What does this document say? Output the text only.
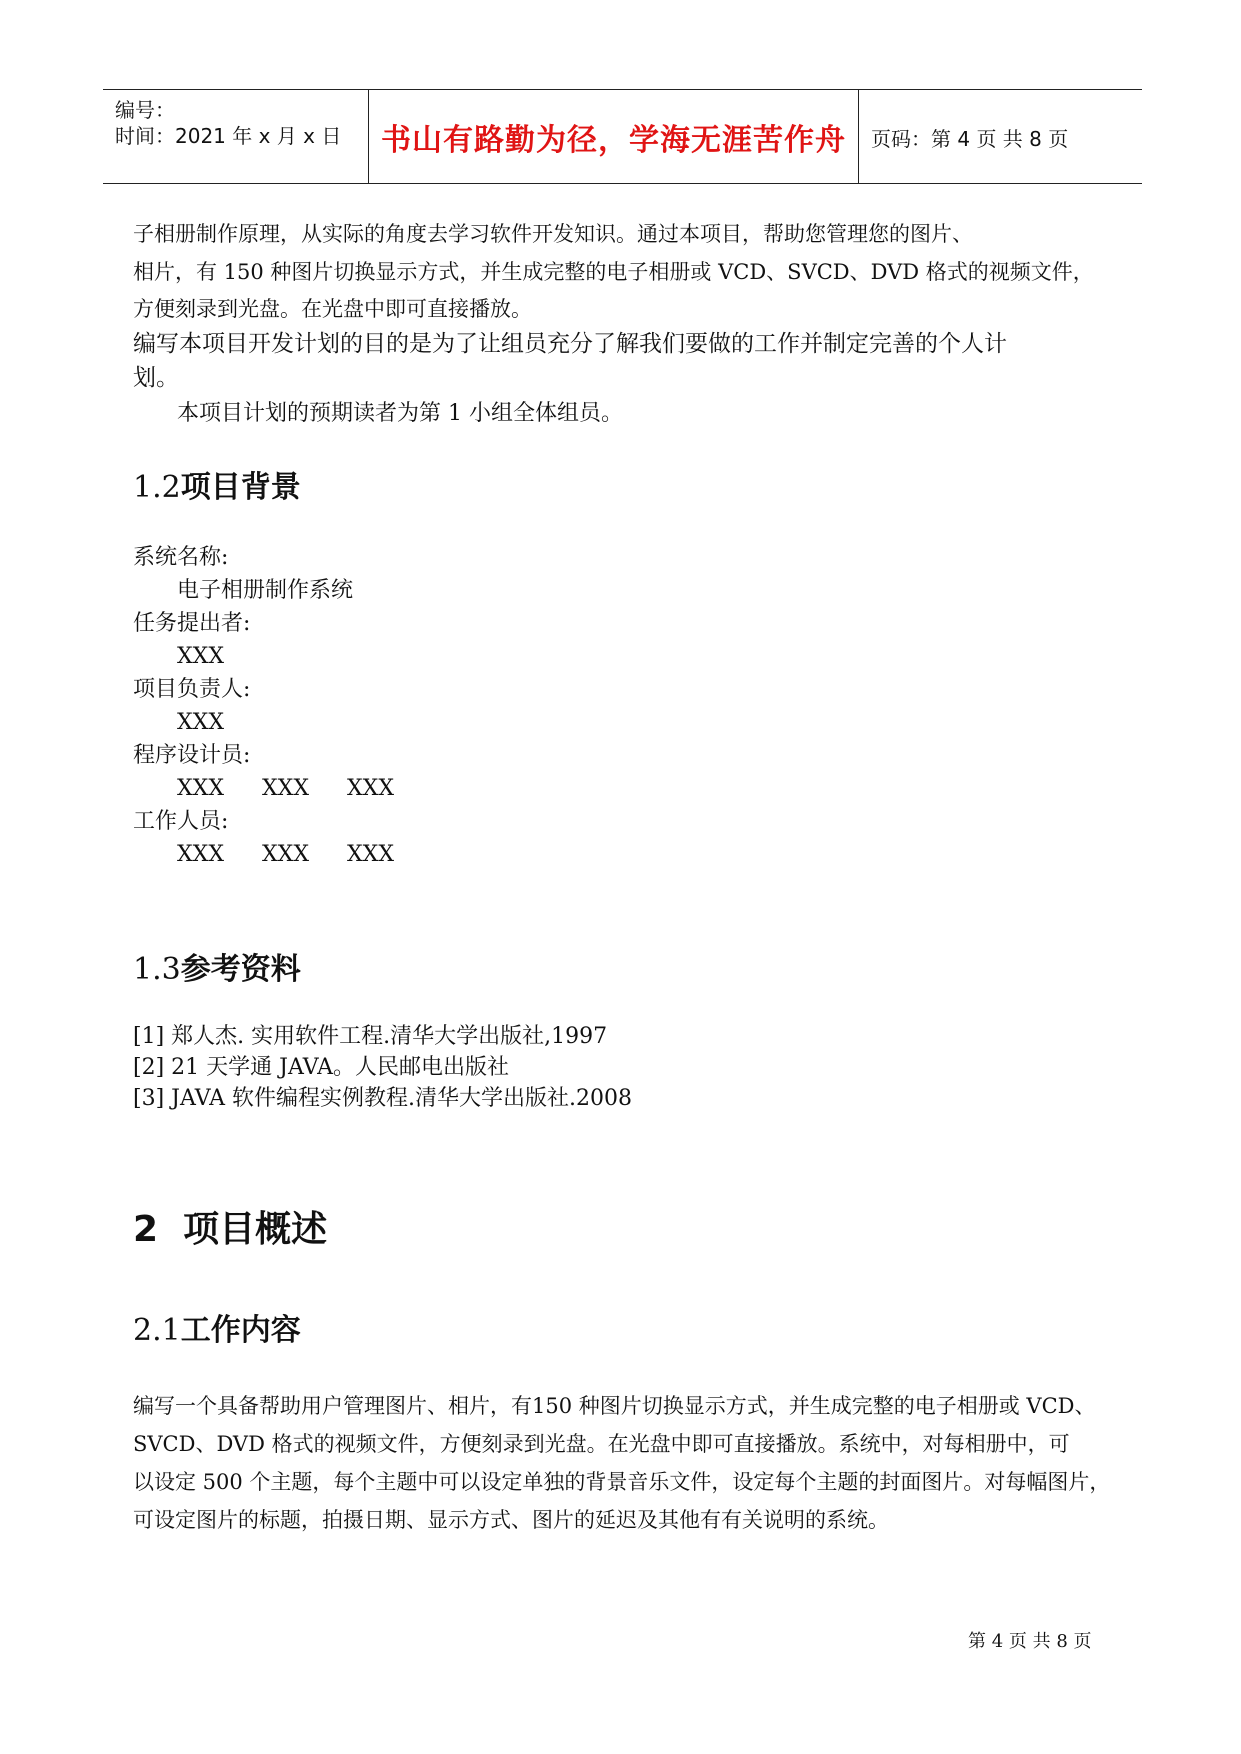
编号：
时间：2021 年 x 月 x 日	书山有路勤为径，学海无涯苦作舟	页码：第 4 页 共 8 页

子相册制作原理，从实际的角度去学习软件开发知识。通过本项目，帮助您管理您的图片、

相片，有 150 种图片切换显示方式，并生成完整的电子相册或 VCD、SVCD、DVD 格式的视频文件，

方便刻录到光盘。在光盘中即可直接播放。

编写本项目开发计划的目的是为了让组员充分了解我们要做的工作并制定完善的个人计

划。

本项目计划的预期读者为第 1 小组全体组员。

1.2项目背景

系统名称:

电子相册制作系统

任务提出者:

XXX

项目负责人:

XXX

程序设计员:

XXX XXX XXX

工作人员:

XXX XXX XXX
1.3参考资料

[1] 郑人杰. 实用软件工程.清华大学出版社,1997

[2] 21 天学通 JAVA。人民邮电出版社

[3] JAVA 软件编程实例教程.清华大学出版社.2008

2 项目概述
2.1工作内容

编写一个具备帮助用户管理图片、相片，有150 种图片切换显示方式，并生成完整的电子相册或 VCD、

SVCD、DVD 格式的视频文件，方便刻录到光盘。在光盘中即可直接播放。系统中，对每相册中，可

以设定 500 个主题，每个主题中可以设定单独的背景音乐文件，设定每个主题的封面图片。对每幅图片，

可设定图片的标题，拍摄日期、显示方式、图片的延迟及其他有有关说明的系统。

第 4 页 共 8 页
